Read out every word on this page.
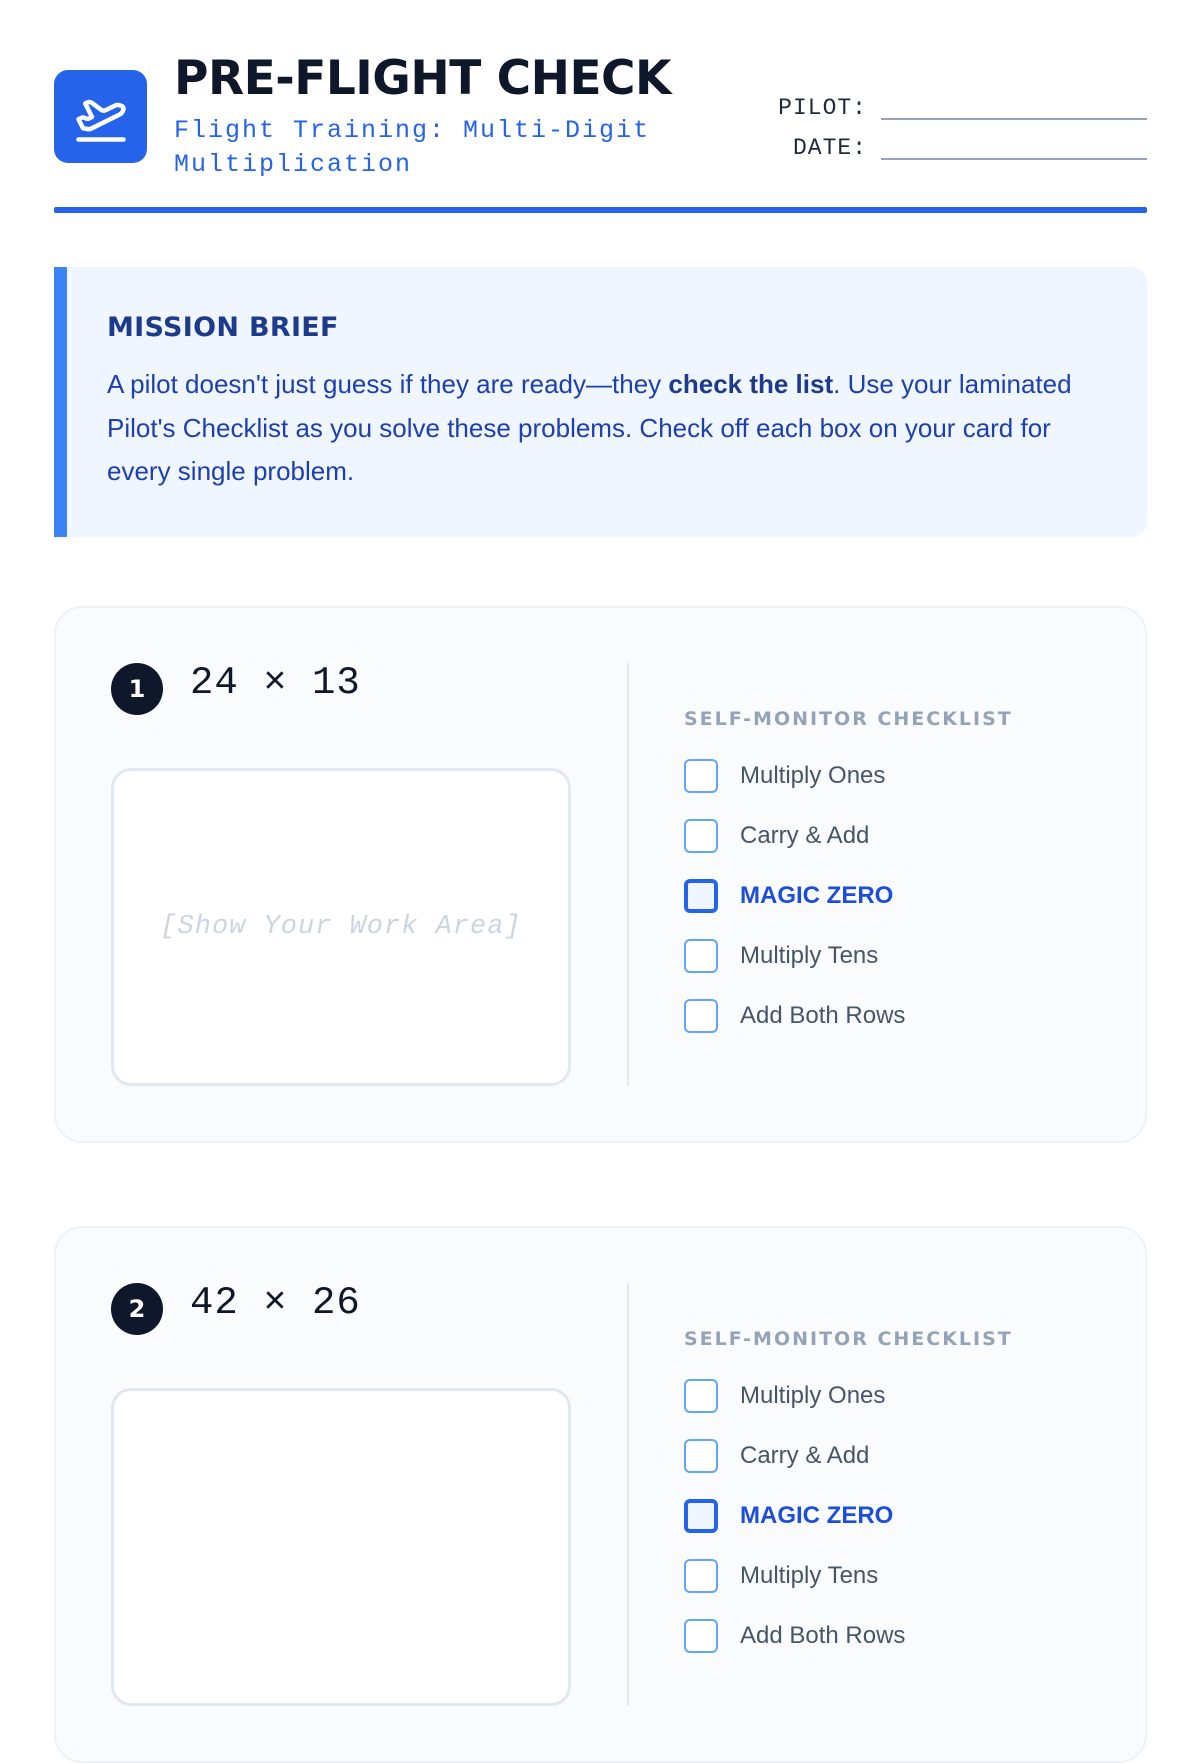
PRE-FLIGHT CHECK
Flight Training: Multi-Digit Multiplication
PILOT:
DATE:
MISSION BRIEF

A pilot doesn't just guess if they are ready—they check the list. Use your laminated Pilot's Checklist as you solve these problems. Check off each box on your card for every single problem.

1	24 × 13
[Show Your Work Area]
SELF-MONITOR CHECKLIST
Multiply Ones
Carry & Add
MAGIC ZERO
Multiply Tens
Add Both Rows
2	42 × 26
SELF-MONITOR CHECKLIST
Multiply Ones
Carry & Add
MAGIC ZERO
Multiply Tens
Add Both Rows
